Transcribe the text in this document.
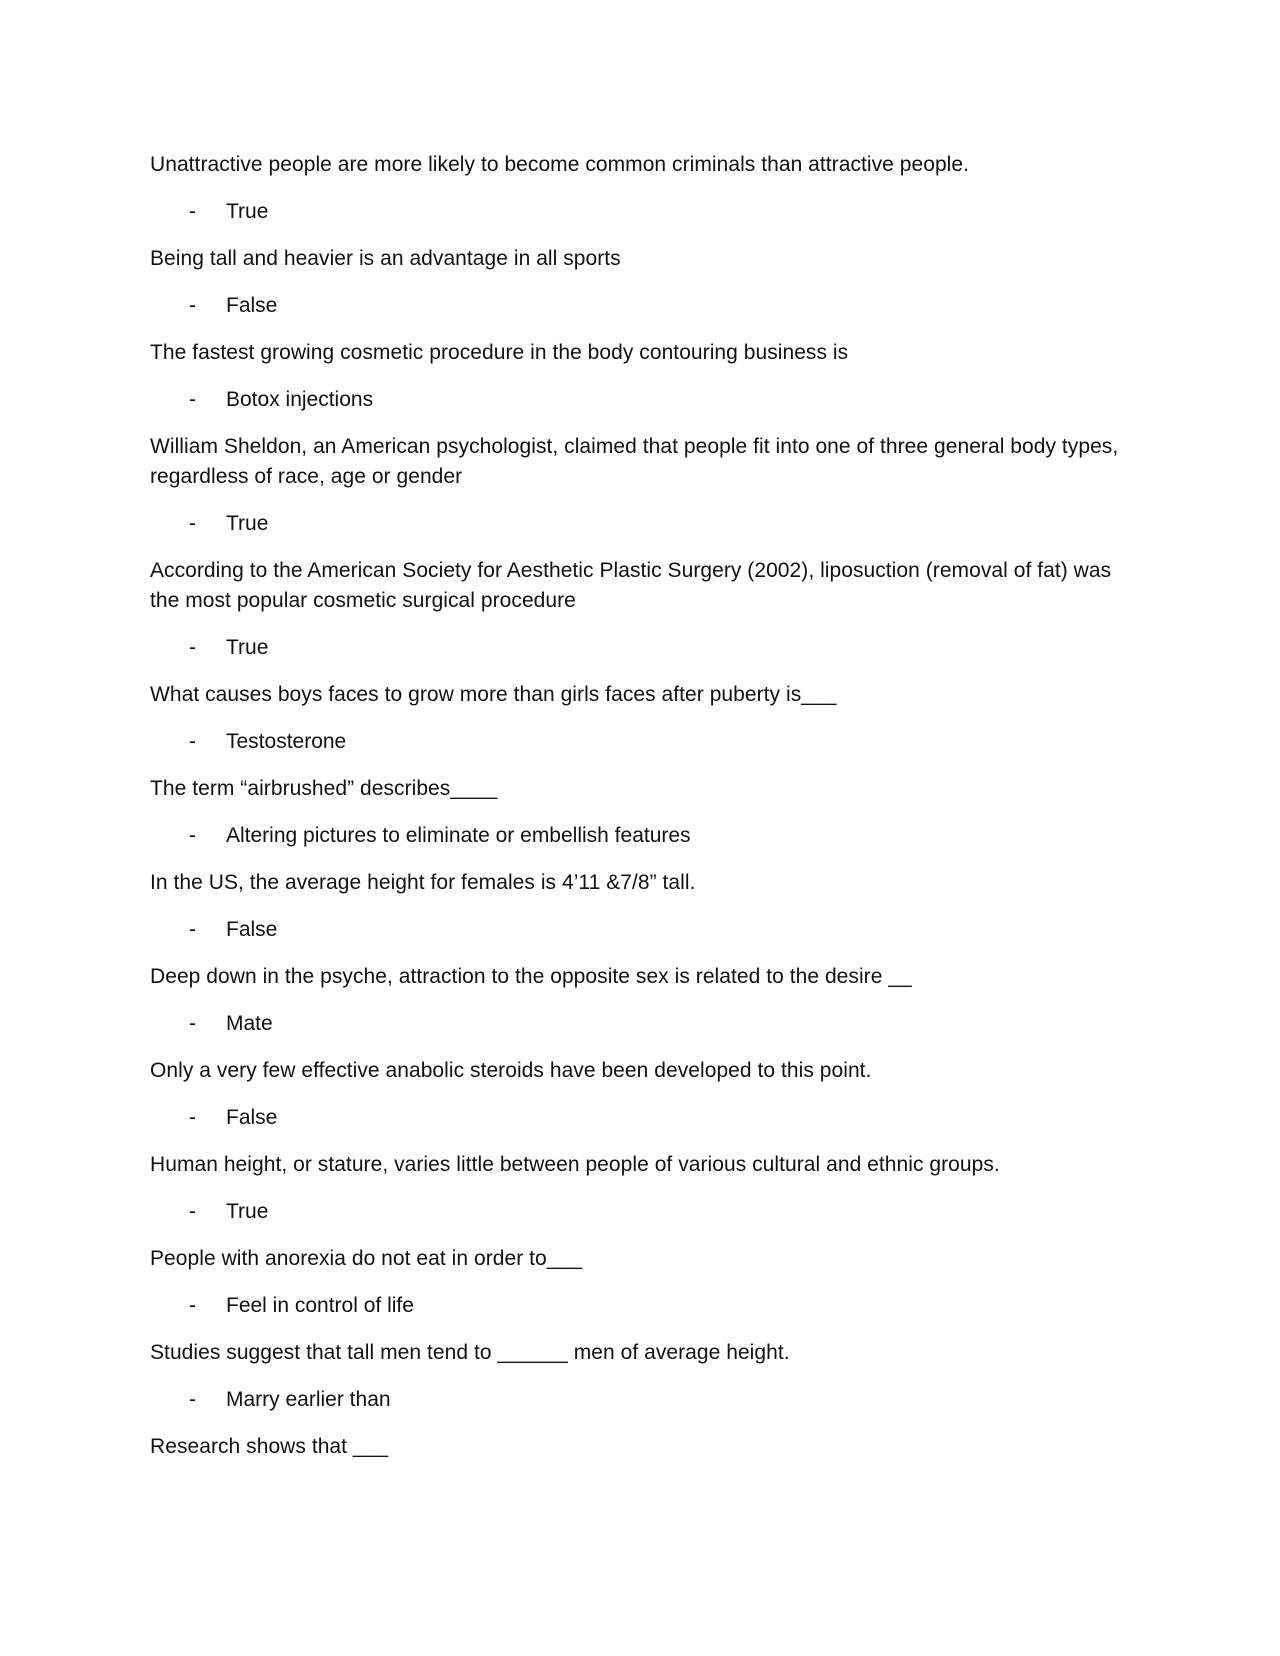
Unattractive people are more likely to become common criminals than attractive people.

- True

Being tall and heavier is an advantage in all sports

- False

The fastest growing cosmetic procedure in the body contouring business is

- Botox injections

William Sheldon, an American psychologist, claimed that people fit into one of three general body types, regardless of race, age or gender

- True

According to the American Society for Aesthetic Plastic Surgery (2002), liposuction (removal of fat) was the most popular cosmetic surgical procedure

- True

What causes boys faces to grow more than girls faces after puberty is___

- Testosterone

The term “airbrushed” describes____

- Altering pictures to eliminate or embellish features

In the US, the average height for females is 4’11 &7/8” tall.

- False

Deep down in the psyche, attraction to the opposite sex is related to the desire __

- Mate

Only a very few effective anabolic steroids have been developed to this point.

- False

Human height, or stature, varies little between people of various cultural and ethnic groups.

- True

People with anorexia do not eat in order to___

- Feel in control of life

Studies suggest that tall men tend to ______ men of average height.

- Marry earlier than

Research shows that ___
